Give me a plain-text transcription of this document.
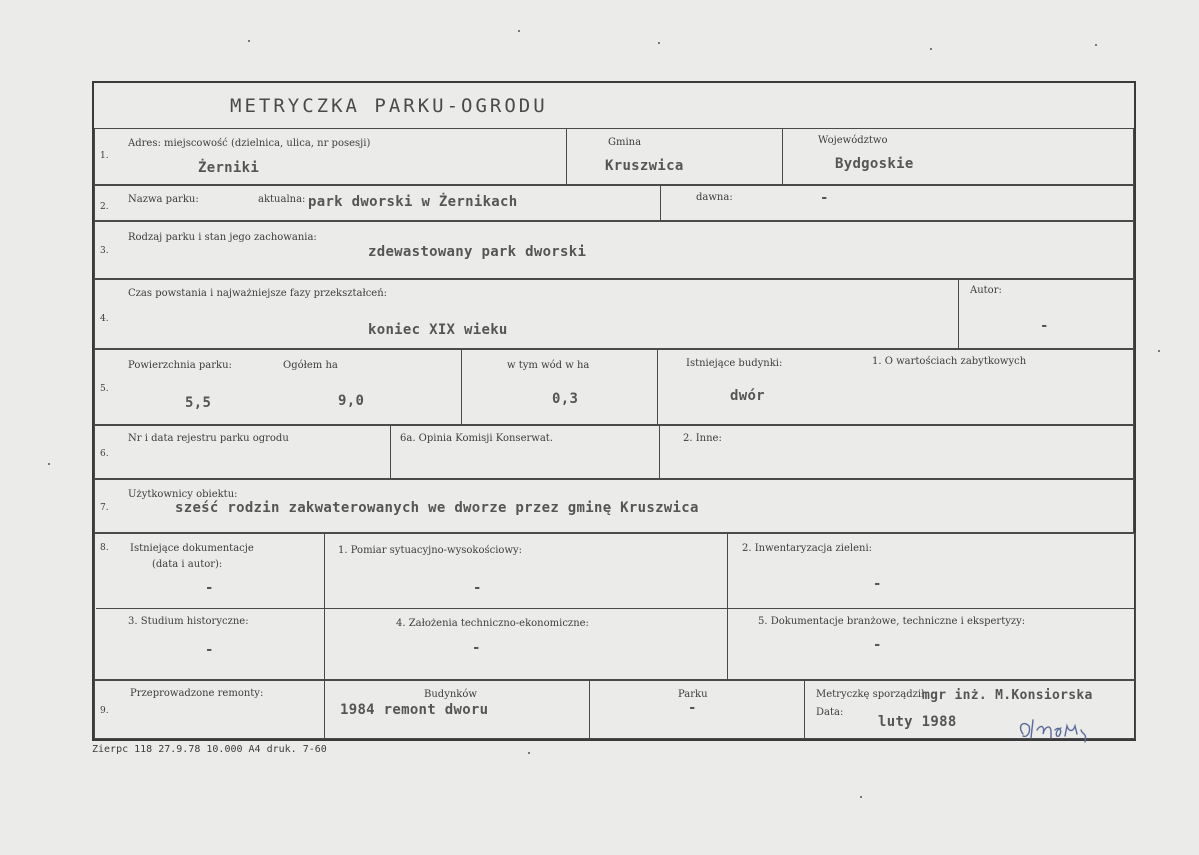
METRYCZKA PARKU-OGRODU
1.
Adres: miejscowość (dzielnica, ulica, nr posesji)
Żerniki
Gmina
Kruszwica
Województwo
Bydgoskie
2.
Nazwa parku:	aktualna: park dworski w Żernikach	dawna:	-
3.
Rodzaj parku i stan jego zachowania:
zdewastowany park dworski
4.
Czas powstania i najważniejsze fazy przekształceń:
koniec XIX wieku
Autor:
-
5.
Powierzchnia parku:
5,5
Ogółem ha
9,0
w tym wód w ha
0,3
Istniejące budynki:
dwór
1. O wartościach zabytkowych
6.
Nr i data rejestru parku ogrodu	6a. Opinia Komisji Konserwat.	2. Inne:
7.
Użytkownicy obiektu:
sześć rodzin zakwaterowanych we dworze przez gminę Kruszwica
8. Istniejące dokumentacje
(data i autor):
-
1. Pomiar sytuacyjno-wysokościowy:
-
2. Inwentaryzacja zieleni:
-
3. Studium historyczne:
-
4. Założenia techniczno-ekonomiczne:
-
5. Dokumentacje branżowe, techniczne i ekspertyzy:
-
9.
Przeprowadzone remonty:	Budynków
1984 remont dworu
Parku
-
Metryczkę sporządził:
mgr inż. M.Konsiorska
Data:
luty 1988
Zierpc 118 27.9.78 10.000 A4 druk. 7-60
